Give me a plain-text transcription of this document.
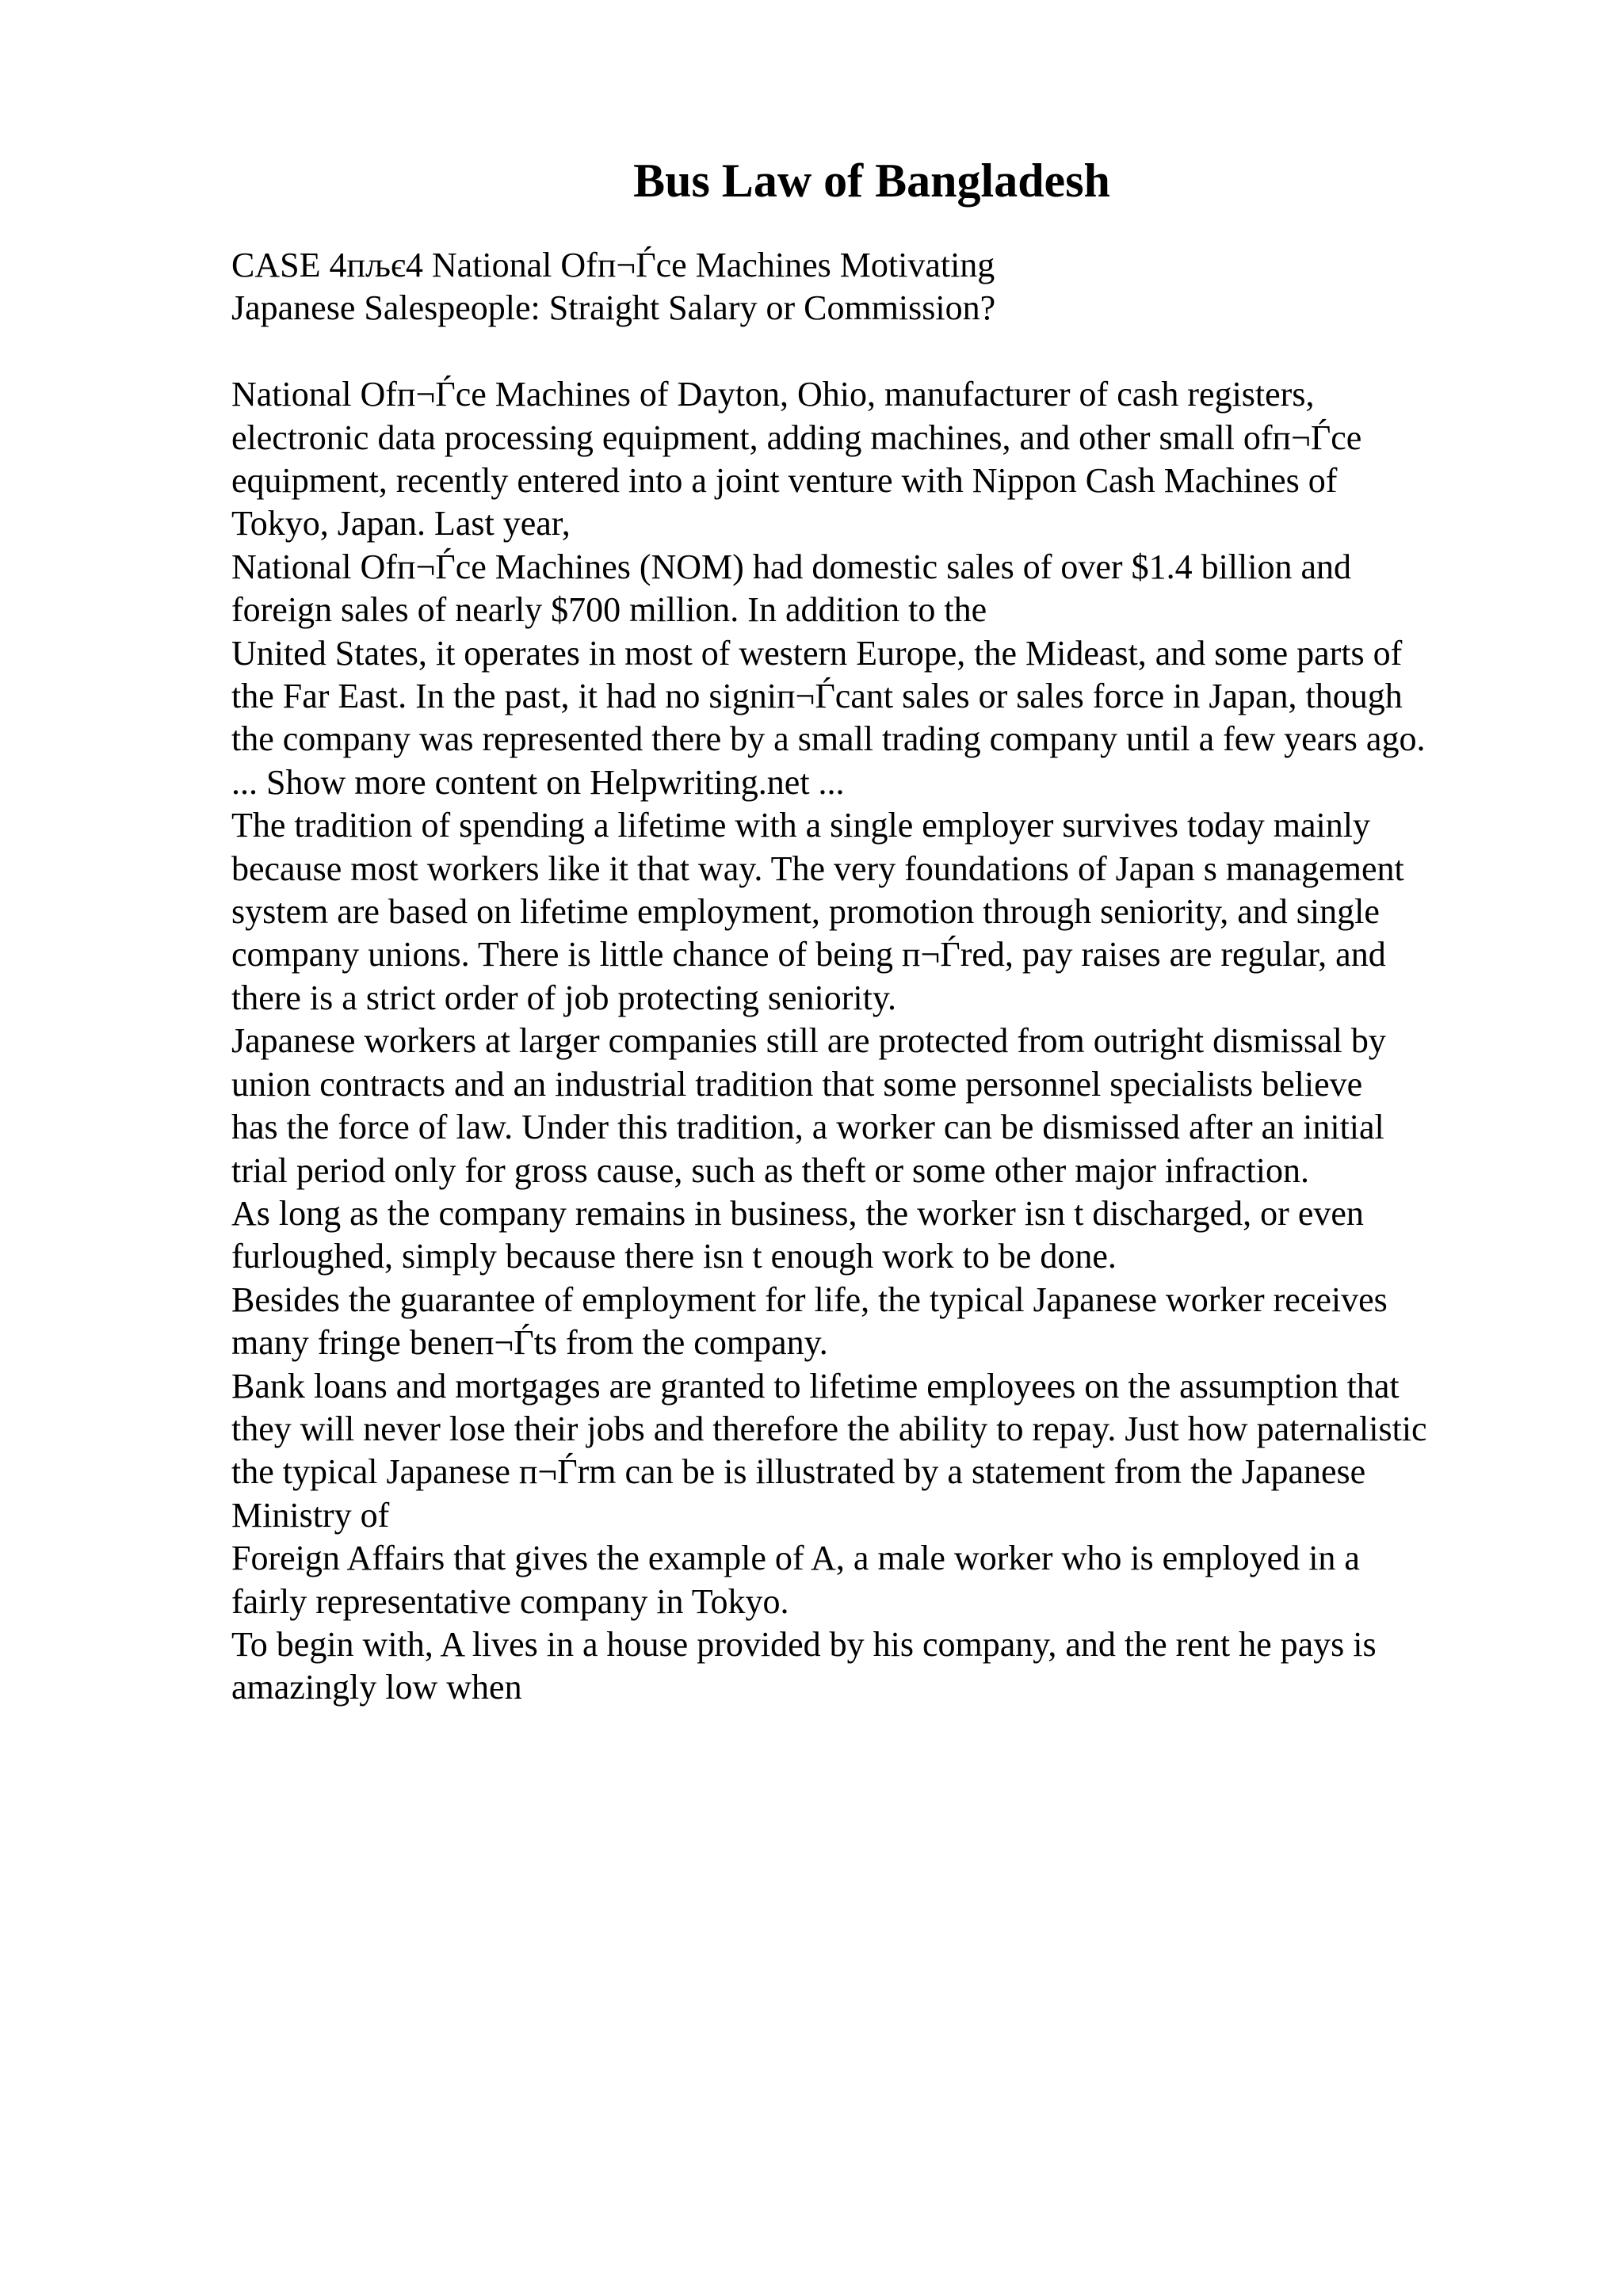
Bus Law of Bangladesh
CASE 4пљє4 National Ofп¬Ѓce Machines Motivating
Japanese Salespeople: Straight Salary or Commission?
National Ofп¬Ѓce Machines of Dayton, Ohio, manufacturer of cash registers,
electronic data processing equipment, adding machines, and other small ofп¬Ѓce
equipment, recently entered into a joint venture with Nippon Cash Machines of
Tokyo, Japan. Last year,
National Ofп¬Ѓce Machines (NOM) had domestic sales of over $1.4 billion and
foreign sales of nearly $700 million. In addition to the
United States, it operates in most of western Europe, the Mideast, and some parts of
the Far East. In the past, it had no signiп¬Ѓcant sales or sales force in Japan, though
the company was represented there by a small trading company until a few years ago.
... Show more content on Helpwriting.net ...
The tradition of spending a lifetime with a single employer survives today mainly
because most workers like it that way. The very foundations of Japan s management
system are based on lifetime employment, promotion through seniority, and single
company unions. There is little chance of being п¬Ѓred, pay raises are regular, and
there is a strict order of job protecting seniority.
Japanese workers at larger companies still are protected from outright dismissal by
union contracts and an industrial tradition that some personnel specialists believe
has the force of law. Under this tradition, a worker can be dismissed after an initial
trial period only for gross cause, such as theft or some other major infraction.
As long as the company remains in business, the worker isn t discharged, or even
furloughed, simply because there isn t enough work to be done.
Besides the guarantee of employment for life, the typical Japanese worker receives
many fringe beneп¬Ѓts from the company.
Bank loans and mortgages are granted to lifetime employees on the assumption that
they will never lose their jobs and therefore the ability to repay. Just how paternalistic
the typical Japanese п¬Ѓrm can be is illustrated by a statement from the Japanese
Ministry of
Foreign Affairs that gives the example of A, a male worker who is employed in a
fairly representative company in Tokyo.
To begin with, A lives in a house provided by his company, and the rent he pays is
amazingly low when
